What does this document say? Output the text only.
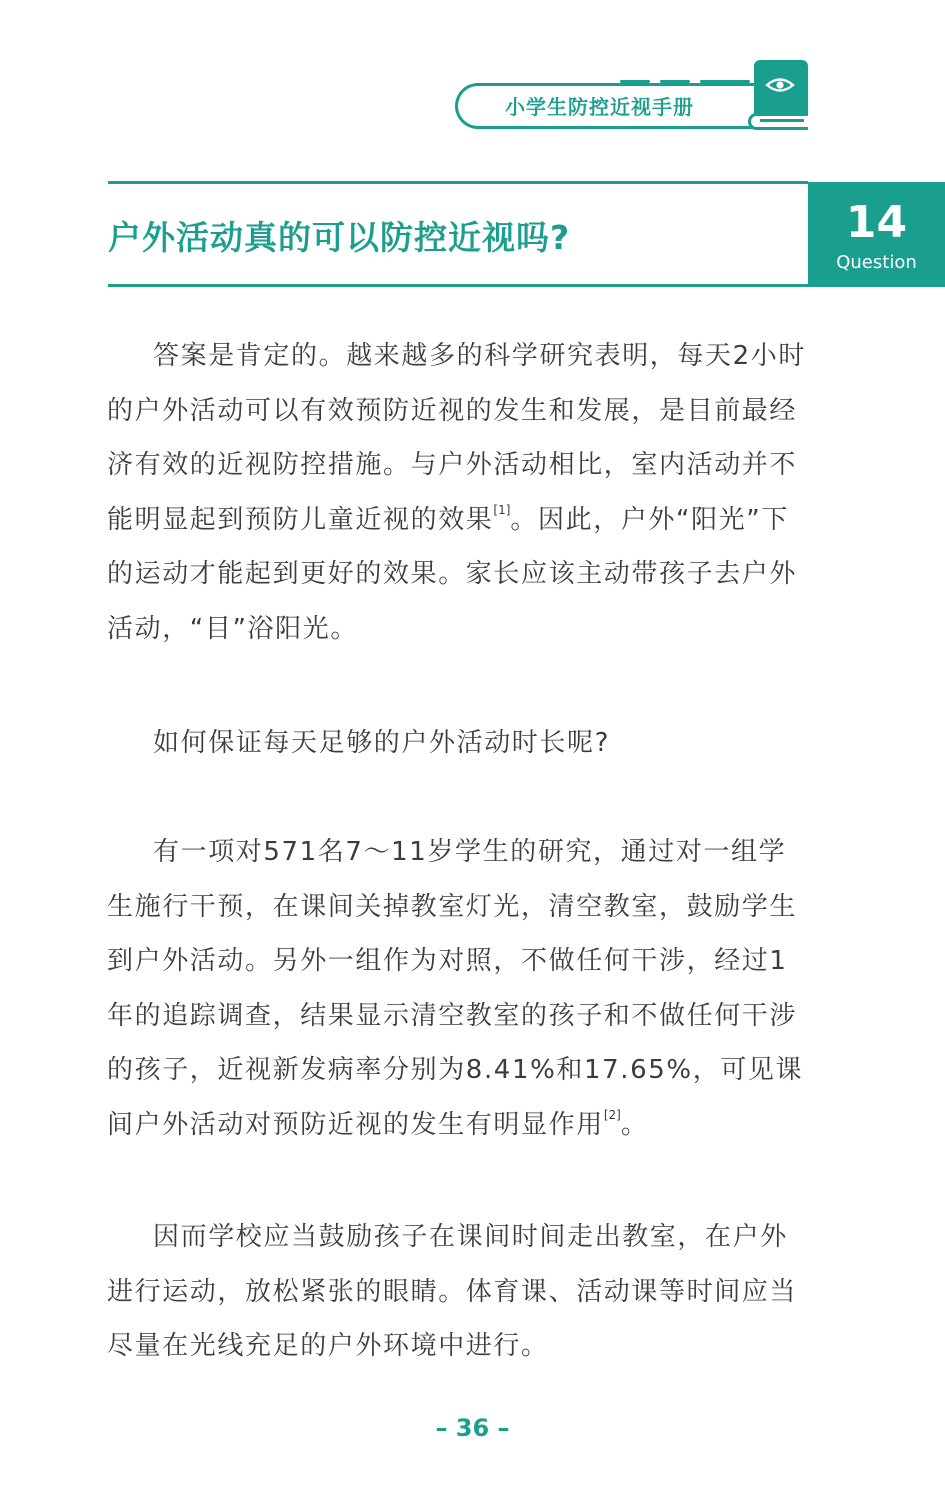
小学生防控近视手册
户外活动真的可以防控近视吗?	14
Question

答案是肯定的。越来越多的科学研究表明，每天2小时的户外活动可以有效预防近视的发生和发展，是目前最经济有效的近视防控措施。与户外活动相比，室内活动并不能明显起到预防儿童近视的效果[1]。因此，户外“阳光”下的运动才能起到更好的效果。家长应该主动带孩子去户外活动，“目”浴阳光。

如何保证每天足够的户外活动时长呢?

有一项对571名7～11岁学生的研究，通过对一组学生施行干预，在课间关掉教室灯光，清空教室，鼓励学生到户外活动。另外一组作为对照，不做任何干涉，经过1年的追踪调查，结果显示清空教室的孩子和不做任何干涉的孩子，近视新发病率分别为8.41%和17.65%，可见课间户外活动对预防近视的发生有明显作用[2]。

因而学校应当鼓励孩子在课间时间走出教室，在户外进行运动，放松紧张的眼睛。体育课、活动课等时间应当尽量在光线充足的户外环境中进行。

– 36 –
